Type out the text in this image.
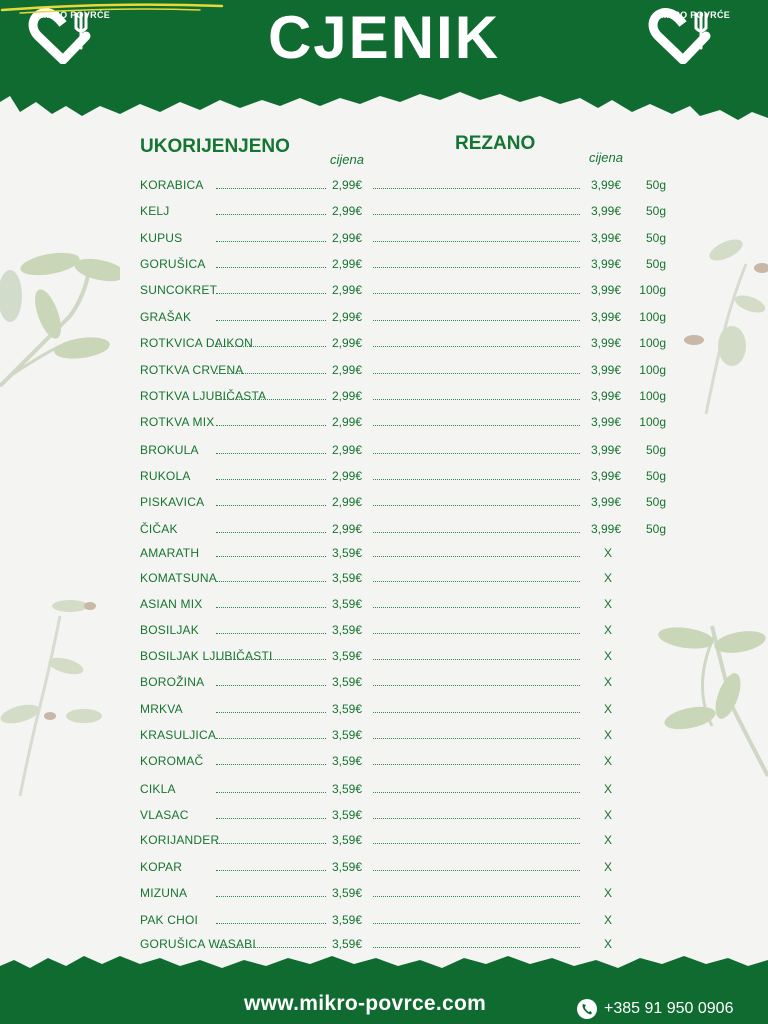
MIKRO POVRĆE	MIKRO POVRĆE
CJENIK
UKORIJENJENO	REZANO
cijena	cijena
KORABICA	2,99€	3,99€	50g
KELJ	2,99€	3,99€	50g
KUPUS	2,99€	3,99€	50g
GORUŠICA	2,99€	3,99€	50g
SUNCOKRET	2,99€	3,99€ 100g
GRAŠAK	2,99€	3,99€ 100g
ROTKVICA DAIKON	2,99€	3,99€ 100g
ROTKVA CRVENA	2,99€	3,99€ 100g
ROTKVA LJUBIČASTA	2,99€	3,99€ 100g
ROTKVA MIX	2,99€	3,99€ 100g
BROKULA	2,99€	3,99€	50g
RUKOLA	2,99€	3,99€	50g
PISKAVICA	2,99€	3,99€	50g
ČIČAK	2,99€	3,99€	50g
AMARATH	3,59€	X
KOMATSUNA	3,59€	X
ASIAN MIX	3,59€	X
BOSILJAK	3,59€	X
BOSILJAK LJUBIČASTI	3,59€	X
BOROŽINA	3,59€	X
MRKVA	3,59€	X
KRASULJICA	3,59€	X
KOROMAČ	3,59€	X
CIKLA	3,59€	X
VLASAC	3,59€	X
KORIJANDER	3,59€	X
KOPAR	3,59€	X
MIZUNA	3,59€	X
PAK CHOI	3,59€	X
GORUŠICA WASABI	3,59€	X
www.mikro-povrce.com	+385 91 950 0906
